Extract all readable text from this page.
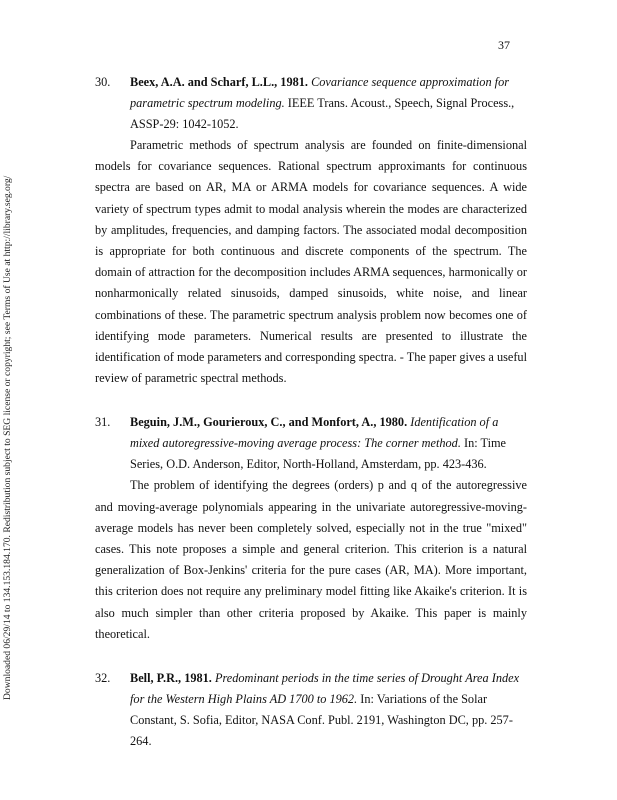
37
Downloaded 06/29/14 to 134.153.184.170. Redistribution subject to SEG license or copyright; see Terms of Use at http://library.seg.org/
30. Beex, A.A. and Scharf, L.L., 1981. Covariance sequence approximation for parametric spectrum modeling. IEEE Trans. Acoust., Speech, Signal Process., ASSP-29: 1042-1052.

Parametric methods of spectrum analysis are founded on finite-dimensional models for covariance sequences. Rational spectrum approximants for continuous spectra are based on AR, MA or ARMA models for covariance sequences. A wide variety of spectrum types admit to modal analysis wherein the modes are characterized by amplitudes, frequencies, and damping factors. The associated modal decomposition is appropriate for both continuous and discrete components of the spectrum. The domain of attraction for the decomposition includes ARMA sequences, harmonically or nonharmonically related sinusoids, damped sinusoids, white noise, and linear combinations of these. The parametric spectrum analysis problem now becomes one of identifying mode parameters. Numerical results are presented to illustrate the identification of mode parameters and corresponding spectra. - The paper gives a useful review of parametric spectral methods.

31. Beguin, J.M., Gourieroux, C., and Monfort, A., 1980. Identification of a mixed autoregressive-moving average process: The corner method. In: Time Series, O.D. Anderson, Editor, North-Holland, Amsterdam, pp. 423-436.

The problem of identifying the degrees (orders) p and q of the autoregressive and moving-average polynomials appearing in the univariate autoregressive-moving-average models has never been completely solved, especially not in the true "mixed" cases. This note proposes a simple and general criterion. This criterion is a natural generalization of Box-Jenkins' criteria for the pure cases (AR, MA). More important, this criterion does not require any preliminary model fitting like Akaike's criterion. It is also much simpler than other criteria proposed by Akaike. This paper is mainly theoretical.

32. Bell, P.R., 1981. Predominant periods in the time series of Drought Area Index for the Western High Plains AD 1700 to 1962. In: Variations of the Solar Constant, S. Sofia, Editor, NASA Conf. Publ. 2191, Washington DC, pp. 257-264.
